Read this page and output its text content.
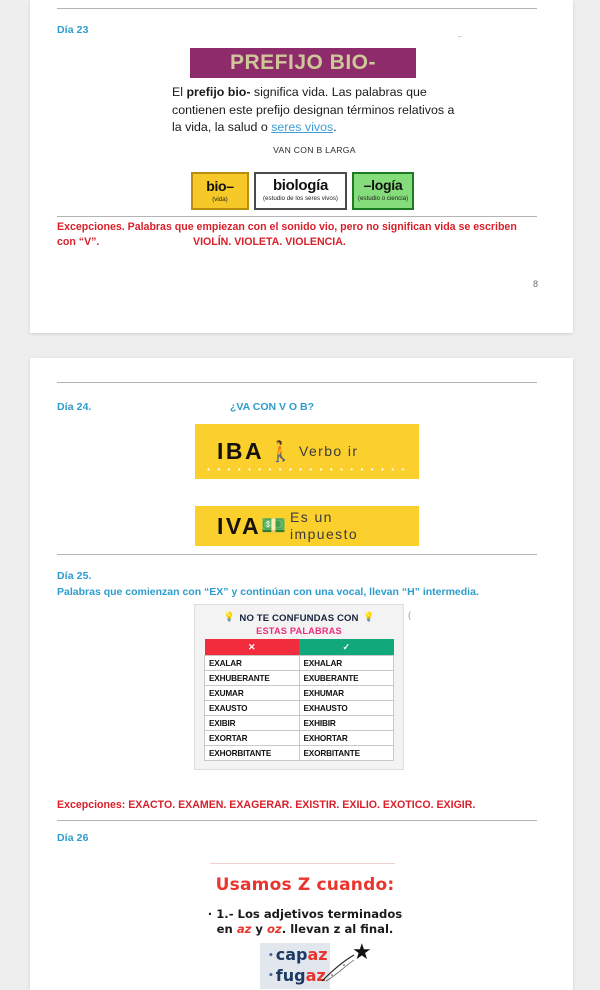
Día 23
⌐
PREFIJO BIO-
El prefijo bio- significa vida. Las palabras que contienen este prefijo designan términos relativos a la vida, la salud o seres vivos.
VAN CON B LARGA
bio–
(vida)
biología
(estudio de los seres vivos)
–logía
(estudio o ciencia)
Excepciones. Palabras que empiezan con el sonido vio, pero no significan vida se escriben
con “V”.	VIOLÍN. VIOLETA. VIOLENCIA.
8
Día 24.	¿VA CON V O B?
IBA 🚶 Verbo ir
• • • • • • • • • • • • • • • • • • • •
IVA 💵 Es un
impuesto
Día 25.
Palabras que comienzan con “EX” y continúan con una vocal, llevan “H” intermedia.
💡 NO TE CONFUNDAS CON 💡
ESTAS PALABRAS
✕	✓
EXALAR	EXHALAR
EXHUBERANTE	EXUBERANTE
EXUMAR	EXHUMAR
EXAUSTO	EXHAUSTO
EXIBIR	EXHIBIR
EXORTAR	EXHORTAR
EXHORBITANTE	EXORBITANTE
(
Excepciones: EXACTO. EXAMEN. EXAGERAR. EXISTIR. EXILIO. EXOTICO. EXIGIR.
Día 26
Usamos Z cuando:
· 1.- Los adjetivos terminados
en az y oz. llevan z al final.
• capaz
• fugaz
★
